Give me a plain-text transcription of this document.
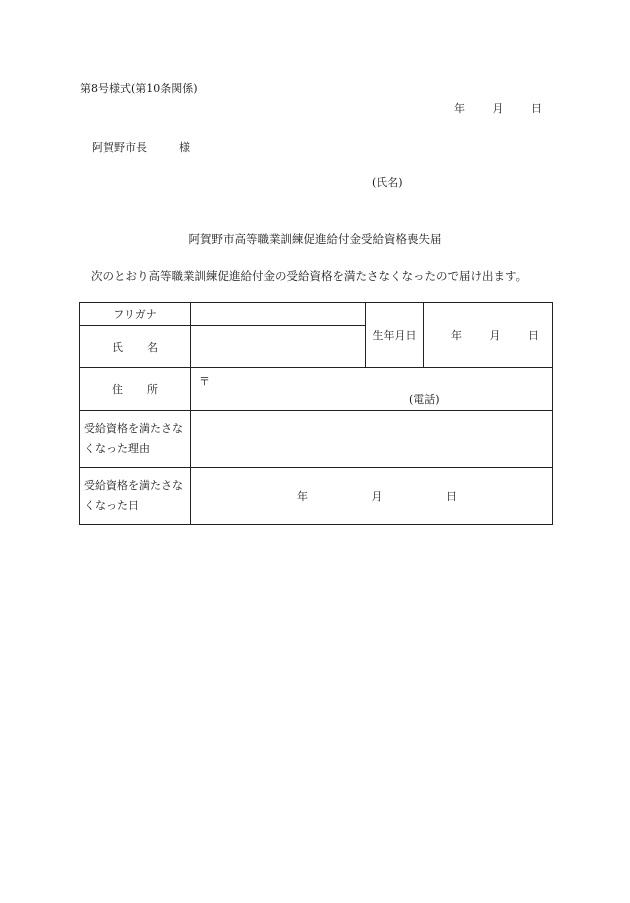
第8号様式(第10条関係)
年	月	日
阿賀野市長	様
(氏名)
阿賀野市高等職業訓練促進給付金受給資格喪失届
次のとおり高等職業訓練促進給付金の受給資格を満たさなくなったので届け出ます。
フリガナ		生年月日	年 月 日
氏 名			
住 所	〒
(電話)		

受給資格を満たさなくなった理由			
受給資格を満たさなくなった日	年 月 日		
